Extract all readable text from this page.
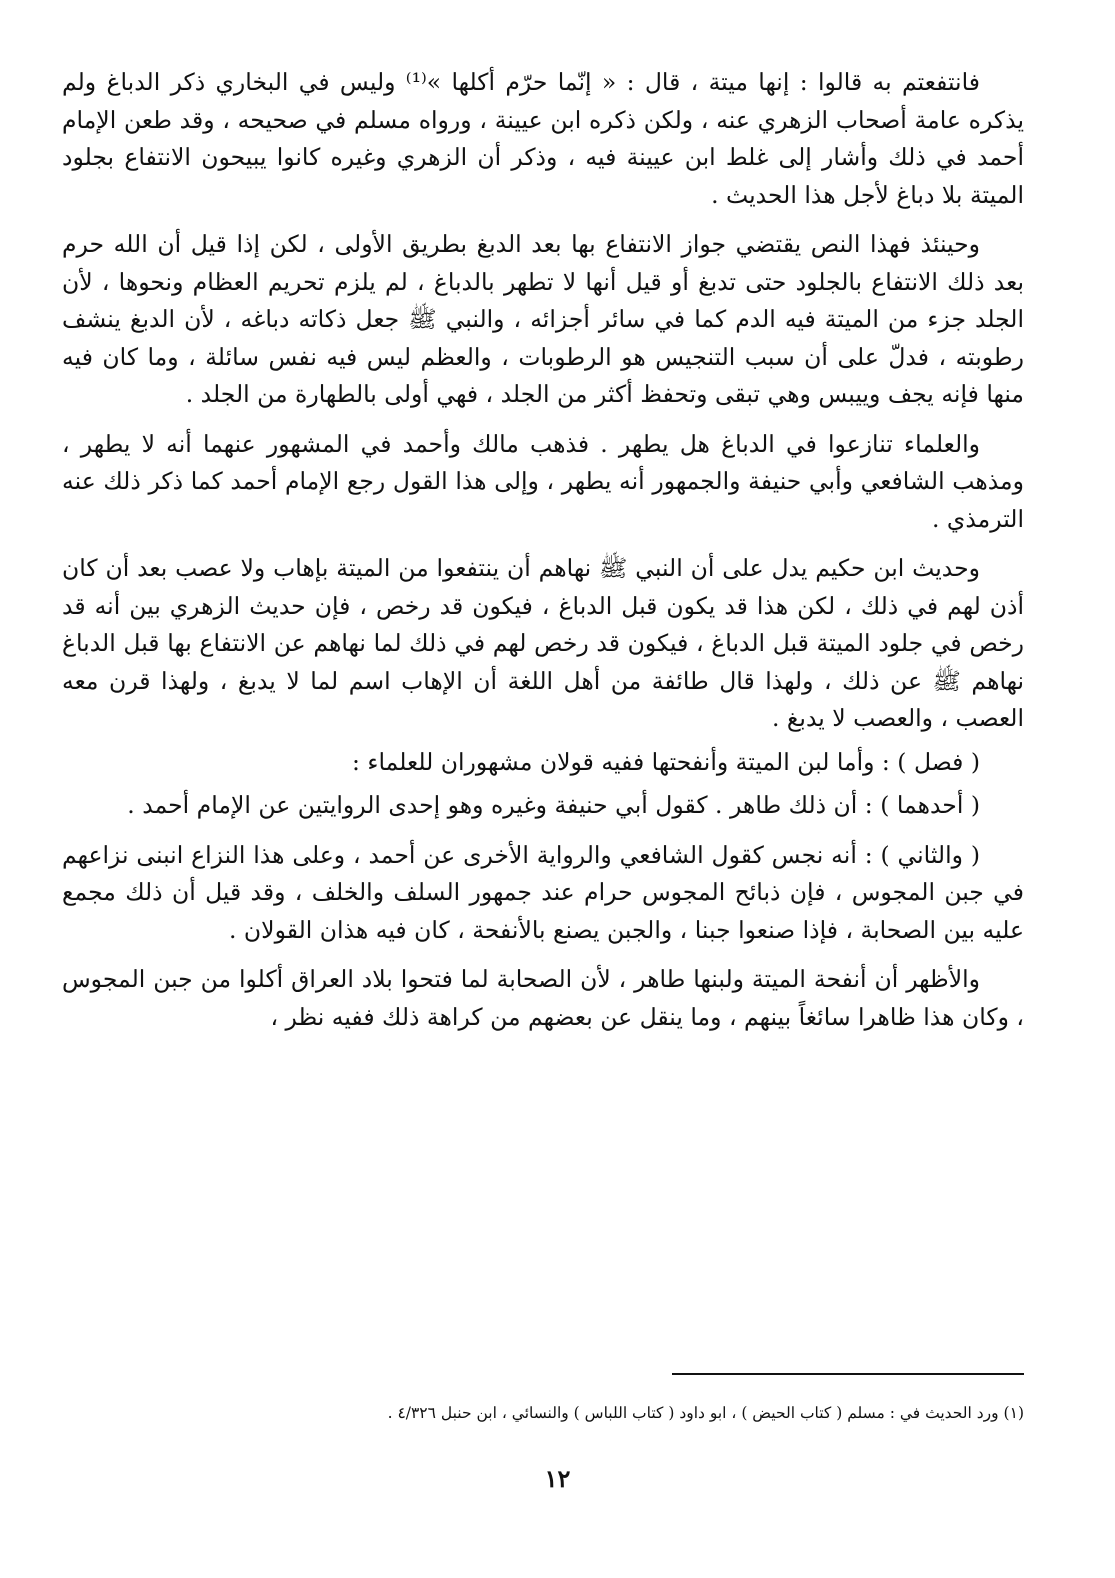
فانتفعتم به قالوا : إنها ميتة ، قال : « إنّما حرّم أكلها »⁽¹⁾ وليس في البخاري ذكر الدباغ ولم يذكره عامة أصحاب الزهري عنه ، ولكن ذكره ابن عيينة ، ورواه مسلم في صحيحه ، وقد طعن الإمام أحمد في ذلك وأشار إلى غلط ابن عيينة فيه ، وذكر أن الزهري وغيره كانوا يبيحون الانتفاع بجلود الميتة بلا دباغ لأجل هذا الحديث .

وحينئذ فهذا النص يقتضي جواز الانتفاع بها بعد الدبغ بطريق الأولى ، لكن إذا قيل أن الله حرم بعد ذلك الانتفاع بالجلود حتى تدبغ أو قيل أنها لا تطهر بالدباغ ، لم يلزم تحريم العظام ونحوها ، لأن الجلد جزء من الميتة فيه الدم كما في سائر أجزائه ، والنبي ﷺ جعل ذكاته دباغه ، لأن الدبغ ينشف رطوبته ، فدلّ على أن سبب التنجيس هو الرطوبات ، والعظم ليس فيه نفس سائلة ، وما كان فيه منها فإنه يجف وييبس وهي تبقى وتحفظ أكثر من الجلد ، فهي أولى بالطهارة من الجلد .

والعلماء تنازعوا في الدباغ هل يطهر . فذهب مالك وأحمد في المشهور عنهما أنه لا يطهر ، ومذهب الشافعي وأبي حنيفة والجمهور أنه يطهر ، وإلى هذا القول رجع الإمام أحمد كما ذكر ذلك عنه الترمذي .

وحديث ابن حكيم يدل على أن النبي ﷺ نهاهم أن ينتفعوا من الميتة بإهاب ولا عصب بعد أن كان أذن لهم في ذلك ، لكن هذا قد يكون قبل الدباغ ، فيكون قد رخص ، فإن حديث الزهري بين أنه قد رخص في جلود الميتة قبل الدباغ ، فيكون قد رخص لهم في ذلك لما نهاهم عن الانتفاع بها قبل الدباغ نهاهم ﷺ عن ذلك ، ولهذا قال طائفة من أهل اللغة أن الإهاب اسم لما لا يدبغ ، ولهذا قرن معه العصب ، والعصب لا يدبغ .

( فصل ) : وأما لبن الميتة وأنفحتها ففيه قولان مشهوران للعلماء :

( أحدهما ) : أن ذلك طاهر . كقول أبي حنيفة وغيره وهو إحدى الروايتين عن الإمام أحمد .

( والثاني ) : أنه نجس كقول الشافعي والرواية الأخرى عن أحمد ، وعلى هذا النزاع انبنى نزاعهم في جبن المجوس ، فإن ذبائح المجوس حرام عند جمهور السلف والخلف ، وقد قيل أن ذلك مجمع عليه بين الصحابة ، فإذا صنعوا جبنا ، والجبن يصنع بالأنفحة ، كان فيه هذان القولان .

والأظهر أن أنفحة الميتة ولبنها طاهر ، لأن الصحابة لما فتحوا بلاد العراق أكلوا من جبن المجوس ، وكان هذا ظاهرا سائغاً بينهم ، وما ينقل عن بعضهم من كراهة ذلك ففيه نظر ،

(١) ورد الحديث في : مسلم ( كتاب الحيض ) ، ابو داود ( كتاب اللباس ) والنسائي ، ابن حنبل ٤/٣٢٦ .
١٢
